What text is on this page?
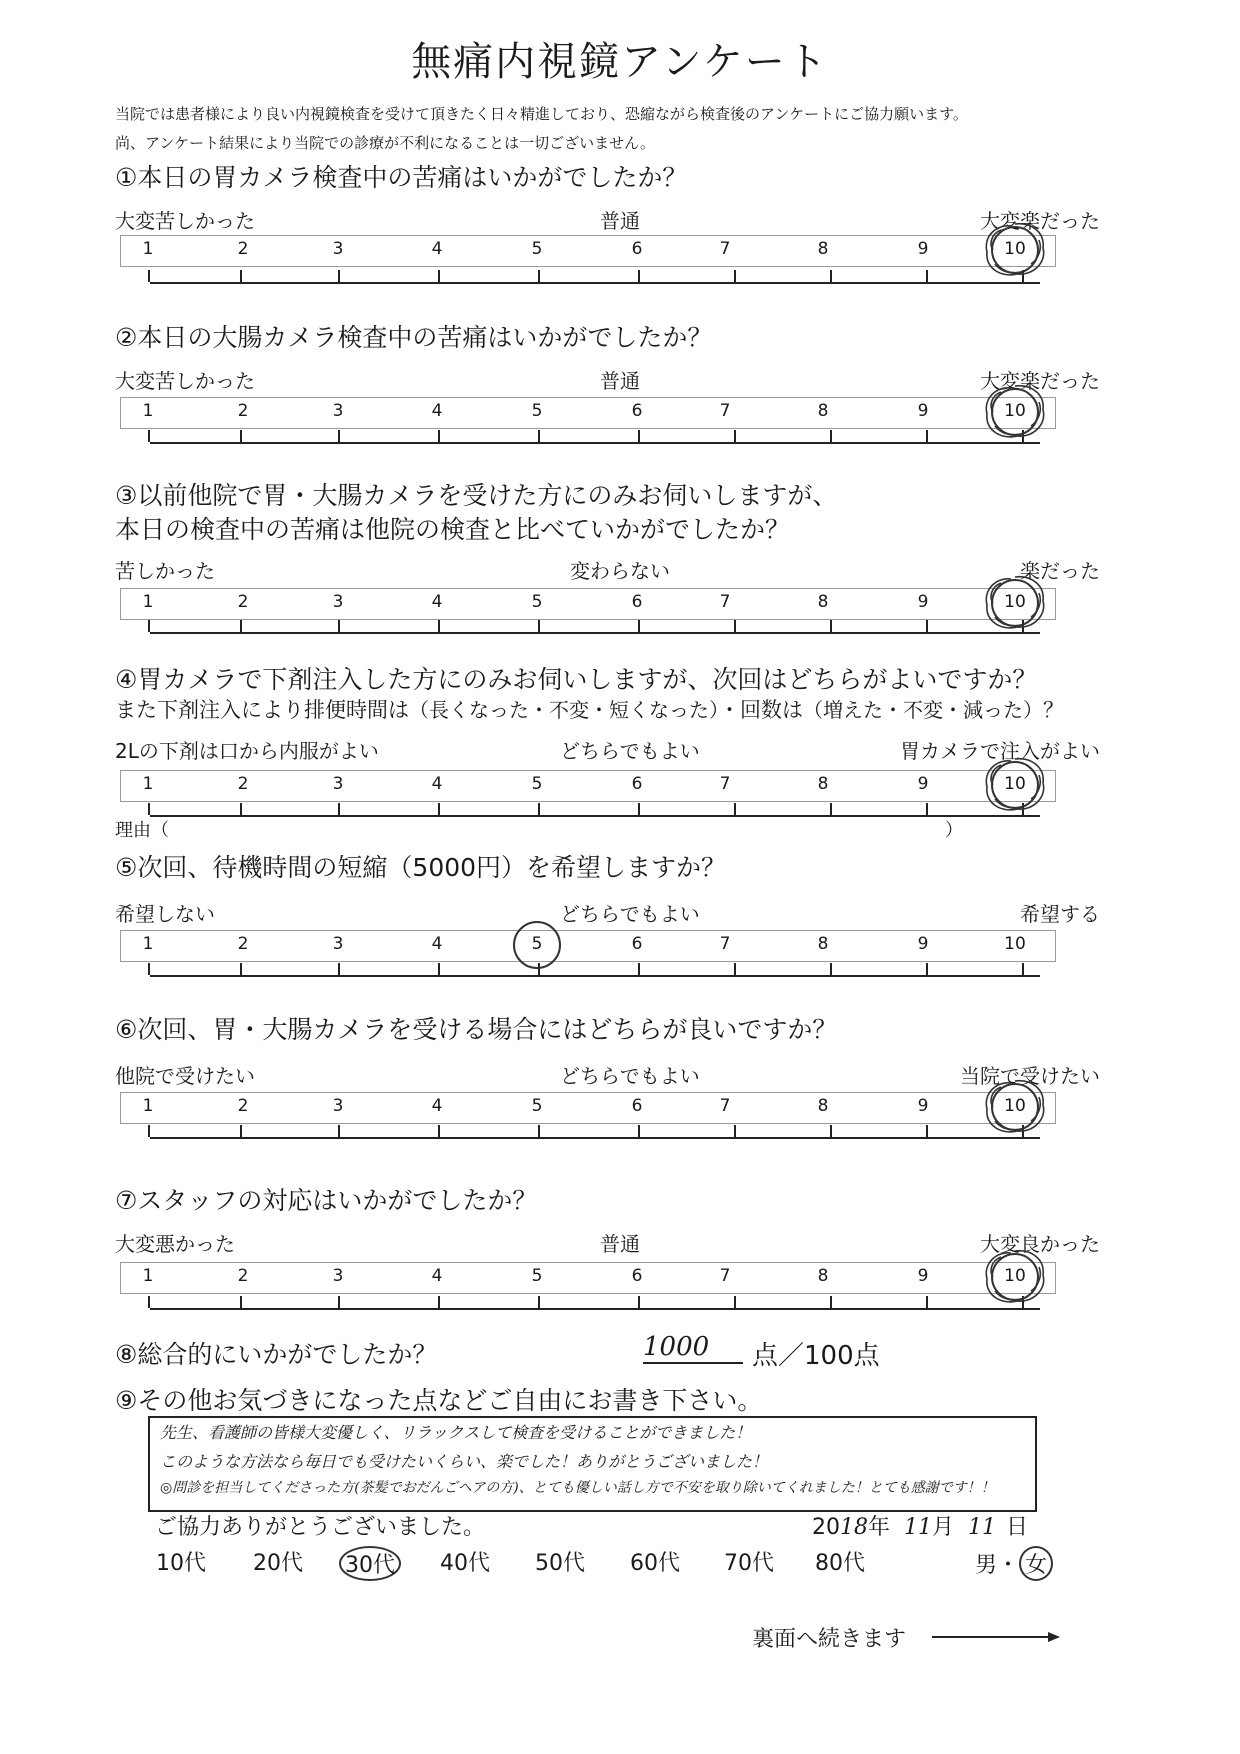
無痛内視鏡アンケート
当院では患者様により良い内視鏡検査を受けて頂きたく日々精進しており、恐縮ながら検査後のアンケートにご協力願います。
尚、アンケート結果により当院での診療が不利になることは一切ございません。
①本日の胃カメラ検査中の苦痛はいかがでしたか？
大変苦しかった	普通	大変楽だった
1	2	3	4	5	6	7	8	9	10
②本日の大腸カメラ検査中の苦痛はいかがでしたか？
大変苦しかった	普通	大変楽だった
1	2	3	4	5	6	7	8	9	10
③以前他院で胃・大腸カメラを受けた方にのみお伺いしますが、
本日の検査中の苦痛は他院の検査と比べていかがでしたか？
苦しかった	変わらない	楽だった
1	2	3	4	5	6	7	8	9	10
④胃カメラで下剤注入した方にのみお伺いしますが、次回はどちらがよいですか？
また下剤注入により排便時間は（長くなった・不変・短くなった）・回数は（増えた・不変・減った）？
2Lの下剤は口から内服がよい	どちらでもよい	胃カメラで注入がよい
1	2	3	4	5	6	7	8	9	10
⑤次回、待機時間の短縮（5000円）を希望しますか？
希望しない	どちらでもよい	希望する
1	2	3	4	5	6	7	8	9	10
⑥次回、胃・大腸カメラを受ける場合にはどちらが良いですか？
他院で受けたい	どちらでもよい	当院で受けたい
1	2	3	4	5	6	7	8	9	10
⑦スタッフの対応はいかがでしたか？
大変悪かった	普通	大変良かった
1	2	3	4	5	6	7	8	9	10
理由（	）
⑧総合的にいかがでしたか？	1000	点／100点
⑨その他お気づきになった点などご自由にお書き下さい。
先生、看護師の皆様大変優しく、リラックスして検査を受けることができました！
このような方法なら毎日でも受けたいくらい、楽でした！ありがとうございました！
◎問診を担当してくださった方(茶髪でおだんごヘアの方)、とても優しい話し方で不安を取り除いてくれました！とても感謝です！！
ご協力ありがとうございました。	2018年 11月 11 日
10代 20代 30代 40代 50代 60代 70代 80代	男・ 女
裏面へ続きます
